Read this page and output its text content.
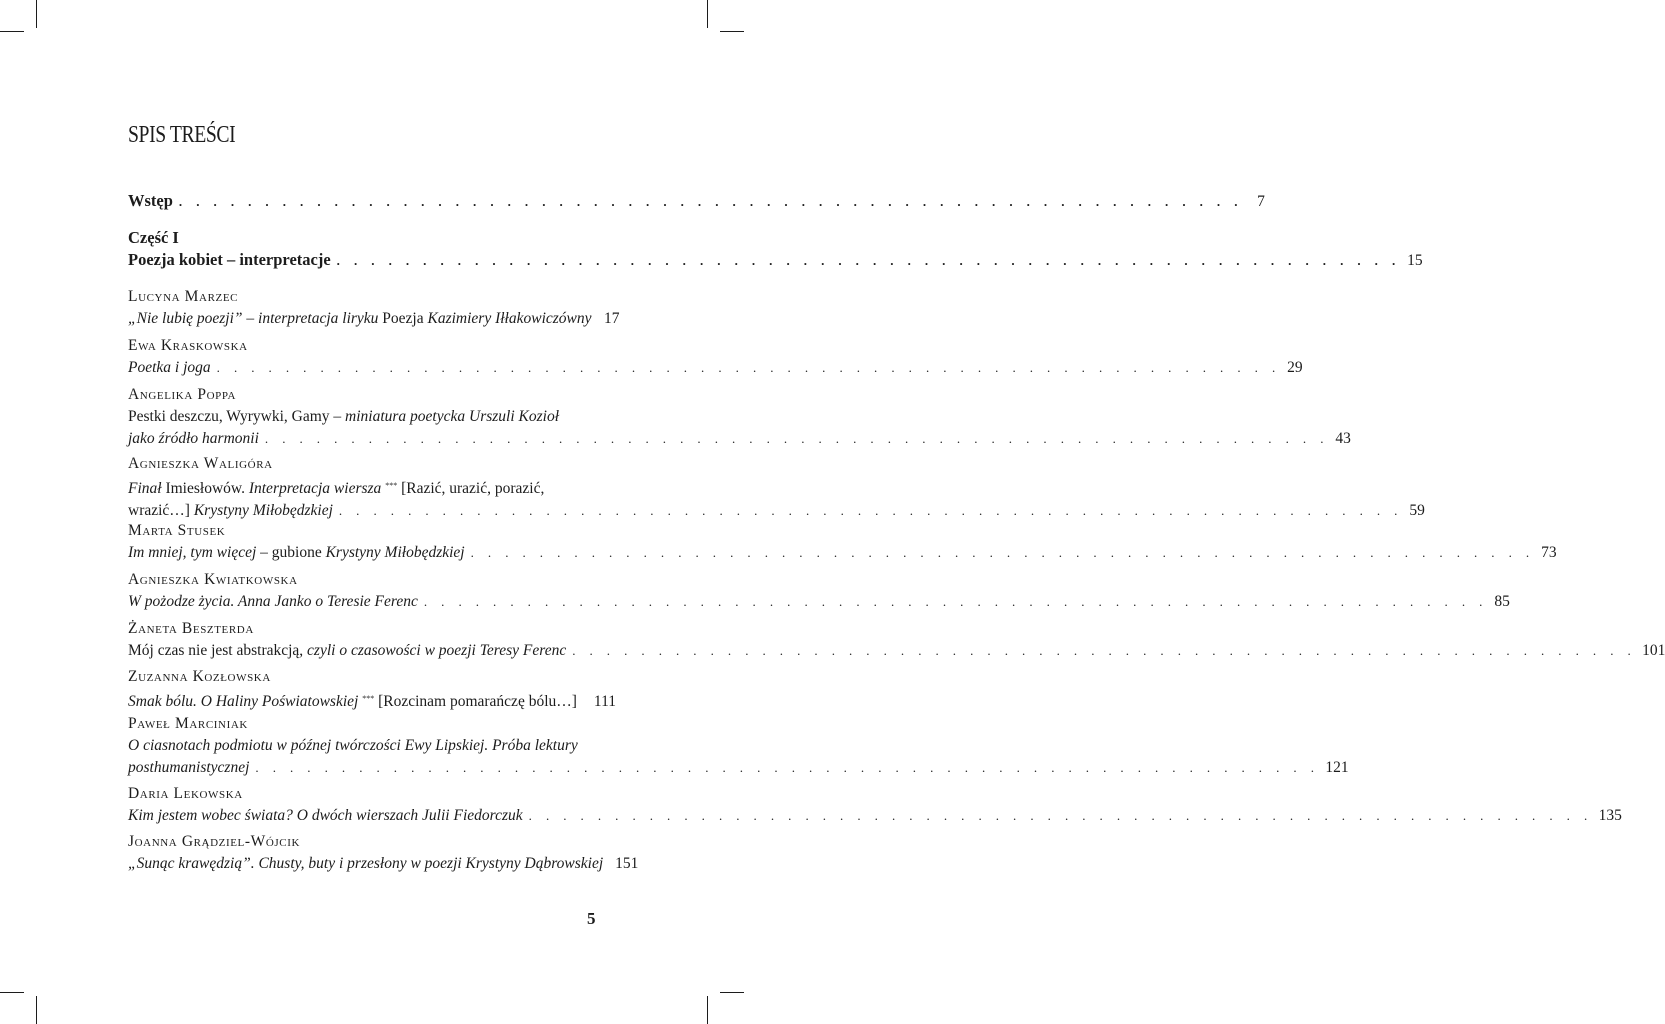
SPIS TREŚCI
Wstęp . . . . . . . . . . . . . . . . . . . . . . . . . . . . . . . . . . . . . . . . . . . . . . . . . . . . . . . . . . . . . . 7
Część I
Poezja kobiet – interpretacje . . . . . . . . . . . . . . . . . . . . . . . . . . . . . . . . . . . . . . . . . . . . . . . . . . . . . . . . . . . . . . 15
Lucyna Marzec
„Nie lubię poezji” – interpretacja liryku Poezja Kazimiery Iłłakowiczówny 17
Ewa Kraskowska
Poetka i joga . . . . . . . . . . . . . . . . . . . . . . . . . . . . . . . . . . . . . . . . . . . . . . . . . . . . . . . . . . . . . . 29
Angelika Poppa
Pestki deszczu, Wyrywki, Gamy – miniatura poetycka Urszuli Kozioł
jako źródło harmonii . . . . . . . . . . . . . . . . . . . . . . . . . . . . . . . . . . . . . . . . . . . . . . . . . . . . . . . . . . . . . . 43
Agnieszka Waligóra
Finał Imiesłowów. Interpretacja wiersza *** [Razić, urazić, porazić,
wrazić…] Krystyny Miłobędzkiej . . . . . . . . . . . . . . . . . . . . . . . . . . . . . . . . . . . . . . . . . . . . . . . . . . . . . . . . . . . . . . 59
Marta Stusek
Im mniej, tym więcej – gubione Krystyny Miłobędzkiej . . . . . . . . . . . . . . . . . . . . . . . . . . . . . . . . . . . . . . . . . . . . . . . . . . . . . . . . . . . . . . 73
Agnieszka Kwiatkowska
W pożodze życia. Anna Janko o Teresie Ferenc . . . . . . . . . . . . . . . . . . . . . . . . . . . . . . . . . . . . . . . . . . . . . . . . . . . . . . . . . . . . . . 85
Żaneta Beszterda
Mój czas nie jest abstrakcją, czyli o czasowości w poezji Teresy Ferenc . . . . . . . . . . . . . . . . . . . . . . . . . . . . . . . . . . . . . . . . . . . . . . . . . . . . . . . . . . . . . . 101
Zuzanna Kozłowska
Smak bólu. O Haliny Poświatowskiej *** [Rozcinam pomarańczę bólu…] 111
Paweł Marciniak
O ciasnotach podmiotu w późnej twórczości Ewy Lipskiej. Próba lektury
posthumanistycznej . . . . . . . . . . . . . . . . . . . . . . . . . . . . . . . . . . . . . . . . . . . . . . . . . . . . . . . . . . . . . . 121
Daria Lekowska
Kim jestem wobec świata? O dwóch wierszach Julii Fiedorczuk . . . . . . . . . . . . . . . . . . . . . . . . . . . . . . . . . . . . . . . . . . . . . . . . . . . . . . . . . . . . . . 135
Joanna Grądziel-Wójcik
„Sunąc krawędzią”. Chusty, buty i przesłony w poezji Krystyny Dąbrowskiej 151
5
